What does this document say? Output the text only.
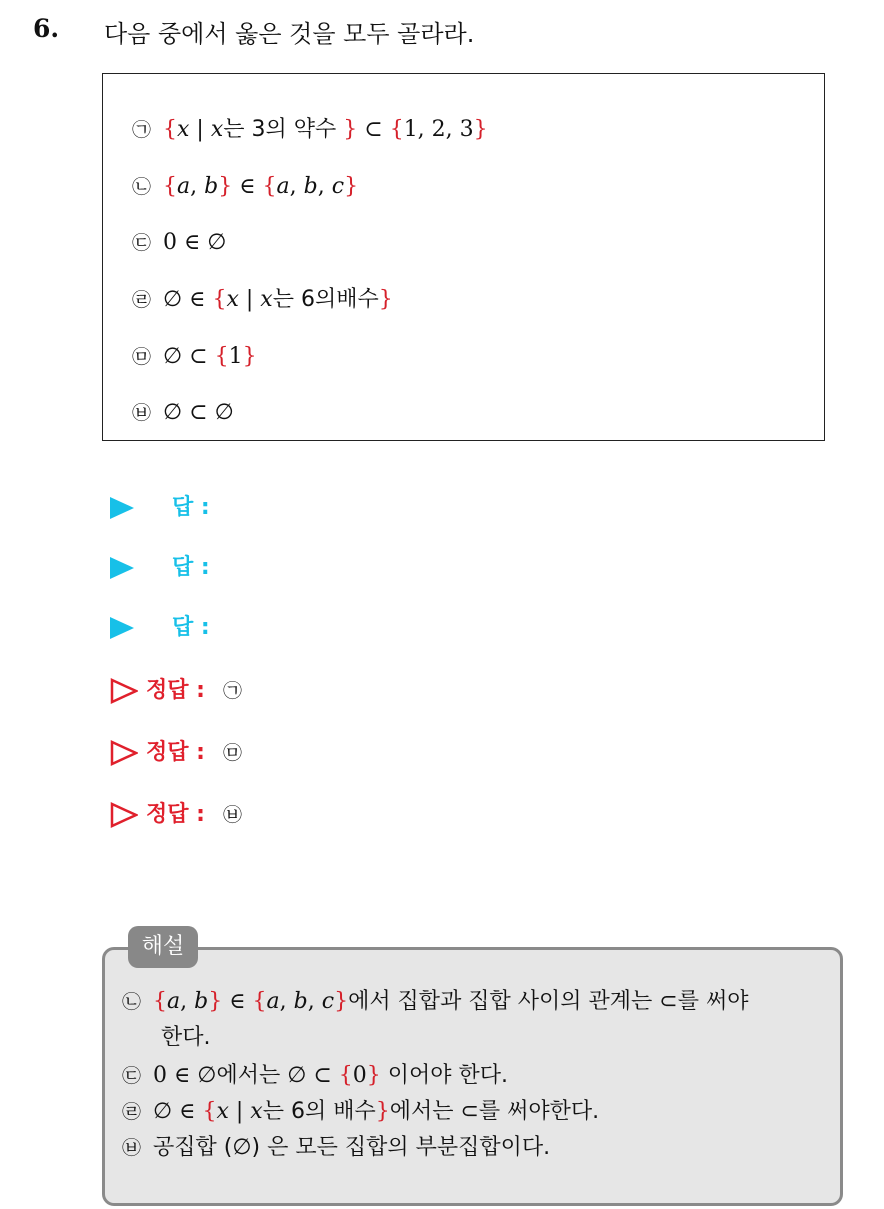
6. 다음 중에서 옳은 것을 모두 골라라.
㉠ {x | x는 3의 약수 } ⊂ {1, 2, 3}
㉡ {a, b} ∈ {a, b, c}
㉢ 0 ∈ ∅
㉣ ∅ ∈ {x | x는 6의배수}
㉤ ∅ ⊂ {1}
㉥ ∅ ⊂ ∅
답 :
답 :
답 :
정답 : ㉠
정답 : ㉤
정답 : ㉥
㉡ {a, b} ∈ {a, b, c}에서 집합과 집합 사이의 관계는 ⊂를 써야
한다.
㉢ 0 ∈ ∅에서는 ∅ ⊂ {0} 이어야 한다.
㉣ ∅ ∈ {x | x는 6의 배수}에서는 ⊂를 써야한다.
㉥ 공집합 (∅) 은 모든 집합의 부분집합이다.
해설
